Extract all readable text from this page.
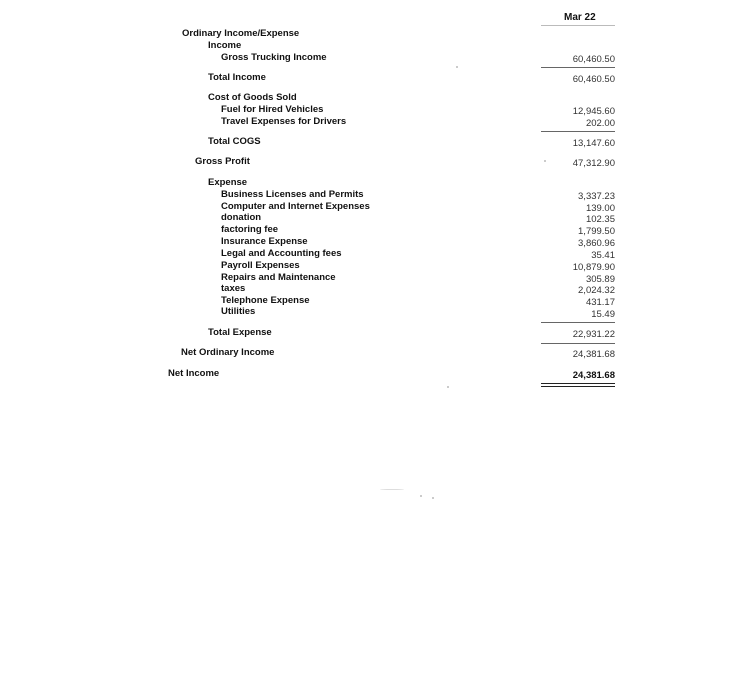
Mar 22
Ordinary Income/Expense
Income
Gross Trucking Income
Total Income
Cost of Goods Sold
Fuel for Hired Vehicles
Travel Expenses for Drivers
Total COGS
Gross Profit
Expense
Business Licenses and Permits
Computer and Internet Expenses
donation
factoring fee
Insurance Expense
Legal and Accounting fees
Payroll Expenses
Repairs and Maintenance
taxes
Telephone Expense
Utilities
Total Expense
Net Ordinary Income
Net Income
60,460.50
60,460.50
12,945.60
202.00
13,147.60
47,312.90
3,337.23
139.00
102.35
1,799.50
3,860.96
35.41
10,879.90
305.89
2,024.32
431.17
15.49
22,931.22
24,381.68
24,381.68
